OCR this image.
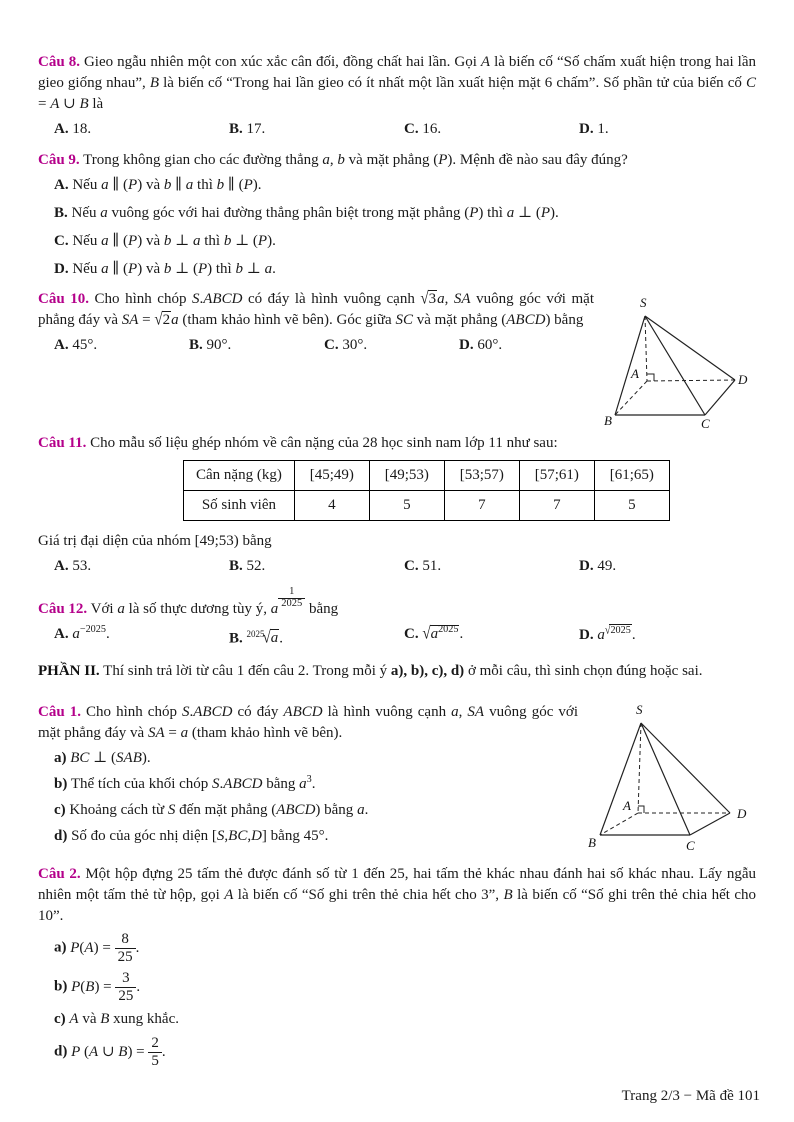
Câu 8. Gieo ngẫu nhiên một con xúc xắc cân đối, đồng chất hai lần. Gọi A là biến cố “Số chấm xuất hiện trong hai lần gieo giống nhau”, B là biến cố “Trong hai lần gieo có ít nhất một lần xuất hiện mặt 6 chấm”. Số phần tử của biến cố C = A ∪ B là

A. 18.	B. 17.	C. 16.	D. 1.

Câu 9. Trong không gian cho các đường thẳng a, b và mặt phẳng (P). Mệnh đề nào sau đây đúng?

A. Nếu a ∥ (P) và b ∥ a thì b ∥ (P).
B. Nếu a vuông góc với hai đường thẳng phân biệt trong mặt phẳng (P) thì a ⊥ (P).
C. Nếu a ∥ (P) và b ⊥ a thì b ⊥ (P).
D. Nếu a ∥ (P) và b ⊥ (P) thì b ⊥ a.

Câu 10. Cho hình chóp S.ABCD có đáy là hình vuông cạnh √3a, SA vuông góc với mặt phẳng đáy và SA = √2a (tham khảo hình vẽ bên). Góc giữa SC và mặt phẳng (ABCD) bằng

A. 45°.	B. 90°.	C. 30°.	D. 60°.
S
A
B	C
D

Câu 11. Cho mẫu số liệu ghép nhóm về cân nặng của 28 học sinh nam lớp 11 như sau:

Cân nặng (kg)	[45;49)	[49;53)	[53;57)	[57;61)	[61;65)
Số sinh viên	4	5	7	7	5

Giá trị đại diện của nhóm [49;53) bằng

A. 53.	B. 52.	C. 51.	D. 49.

Câu 12. Với a là số thực dương tùy ý, a $\frac{1}{2025}$ bằng

A. $a^{-2025}$.	B. $^{2025}$√a.	C. $√a^{2025}$.	D. $a^{√2025}$.

PHẦN II. Thí sinh trả lời từ câu 1 đến câu 2. Trong mỗi ý a), b), c), d) ở mỗi câu, thì sinh chọn đúng hoặc sai.

Câu 1. Cho hình chóp S.ABCD có đáy ABCD là hình vuông cạnh a, SA vuông góc với mặt phẳng đáy và SA = a (tham khảo hình vẽ bên).

a) BC ⊥ (SAB).
b) Thể tích của khối chóp S.ABCD bằng $a^3$.
c) Khoảng cách từ S đến mặt phẳng (ABCD) bằng a.
d) Số đo của góc nhị diện [S,BC,D] bằng 45°.
S
A
B	C
D

Câu 2. Một hộp đựng 25 tấm thẻ được đánh số từ 1 đến 25, hai tấm thẻ khác nhau đánh hai số khác nhau. Lấy ngẫu nhiên một tấm thẻ từ hộp, gọi A là biến cố “Số ghi trên thẻ chia hết cho 3”, B là biến cố “Số ghi trên thẻ chia hết cho 10”.

a) $P(A) = \frac{8}{25}$ .
b) $P(B) = \frac{3}{25}$ .
c) A và B xung khắc.
d) P (A ∪ $B) = \frac{2}{5}$ .
Trang 2/3 − Mã đề 101
